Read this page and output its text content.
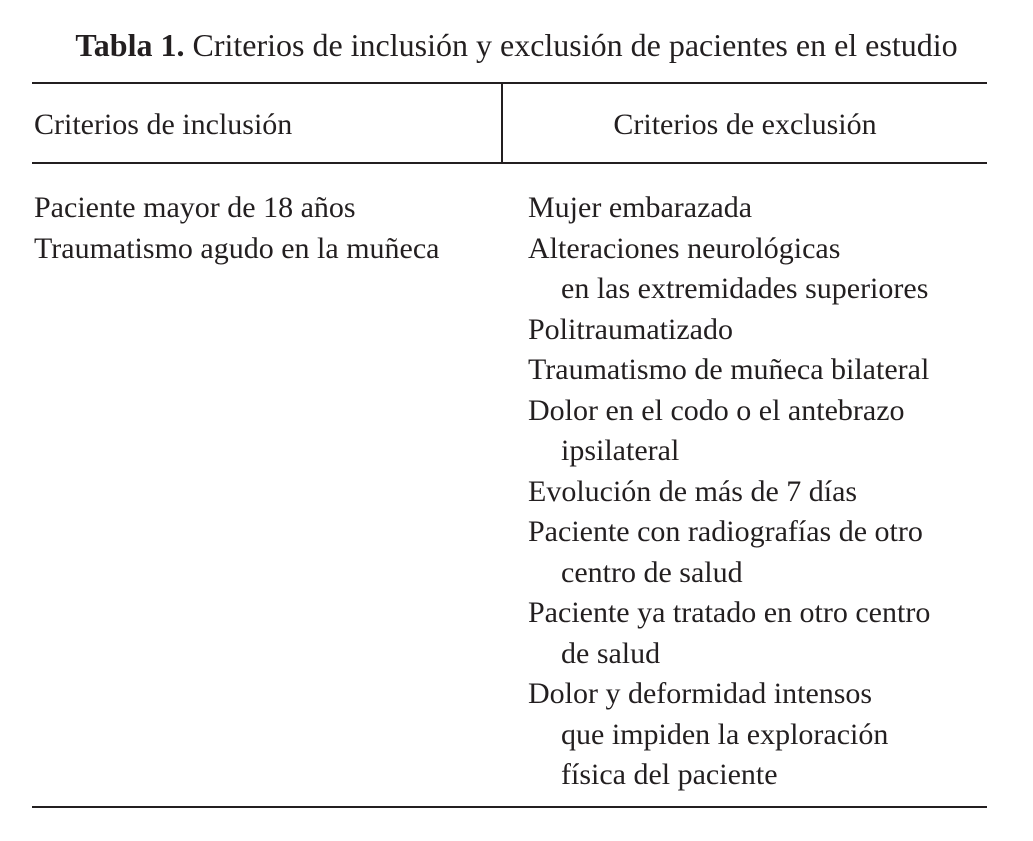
Tabla 1. Criterios de inclusión y exclusión de pacientes en el estudio
Criterios de inclusión	Criterios de exclusión
Paciente mayor de 18 años
Traumatismo agudo en la muñeca
Mujer embarazada
Alteraciones neurológicas
en las extremidades superiores
Politraumatizado
Traumatismo de muñeca bilateral
Dolor en el codo o el antebrazo
ipsilateral
Evolución de más de 7 días
Paciente con radiografías de otro
centro de salud
Paciente ya tratado en otro centro
de salud
Dolor y deformidad intensos
que impiden la exploración
física del paciente
